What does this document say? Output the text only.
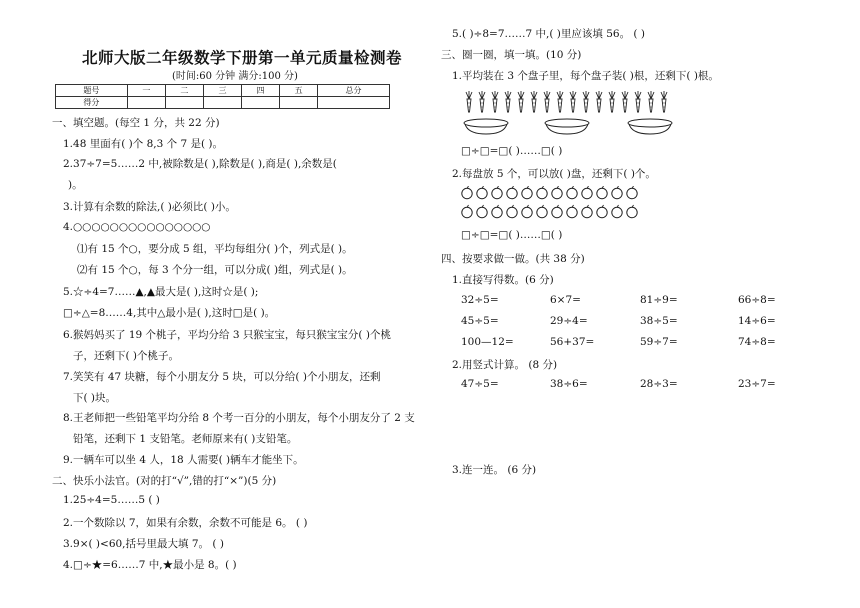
北师大版二年级数学下册第一单元质量检测卷
(时间:60 分钟 满分:100 分)
题号	一	二	三	四	五	总分
得分						
一、填空题。(每空 1 分，共 22 分)
1.48 里面有( )个 8,3 个 7 是( )。
2.37÷7=5……2 中,被除数是( ),除数是( ),商是( ),余数是(
)。
3.计算有余数的除法,( )必须比( )小。
4.○○○○○○○○○○○○○○○
⑴有 15 个○，要分成 5 组，平均每组分( )个，列式是( )。
⑵有 15 个○，每 3 个分一组，可以分成( )组，列式是( )。
5.☆÷4=7……▲,▲最大是( ),这时☆是( );
□÷△=8……4,其中△最小是( ),这时□是( )。
6.猴妈妈买了 19 个桃子，平均分给 3 只猴宝宝，每只猴宝宝分( )个桃
子，还剩下( )个桃子。
7.笑笑有 47 块糖，每个小朋友分 5 块，可以分给( )个小朋友，还剩
下( )块。
8.王老师把一些铅笔平均分给 8 个考一百分的小朋友，每个小朋友分了 2 支
铅笔，还剩下 1 支铅笔。老师原来有( )支铅笔。
9.一辆车可以坐 4 人，18 人需要( )辆车才能坐下。
二、快乐小法官。(对的打“√”,错的打“×”)(5 分)
1.25÷4=5……5 ( )
2.一个数除以 7，如果有余数，余数不可能是 6。 ( )
3.9×( )<60,括号里最大填 7。 ( )
4.□÷★=6……7 中,★最小是 8。( )
5.( )÷8=7……7 中,( )里应该填 56。 ( )
三、圈一圈，填一填。(10 分)
1.平均装在 3 个盘子里，每个盘子装( )根，还剩下( )根。
□÷□=□( )……□( )
2.每盘放 5 个，可以放( )盘，还剩下( )个。
□÷□=□( )……□( )
四、按要求做一做。(共 38 分)
1.直接写得数。(6 分)
32÷5=	6×7=	81÷9=	66÷8=
45÷5=	29÷4=	38÷5=	14÷6=
100—12=	56+37=	59÷7=	74÷8=
2.用竖式计算。 (8 分)
47÷5=	38÷6=	28÷3=	23÷7=
3.连一连。 (6 分)
